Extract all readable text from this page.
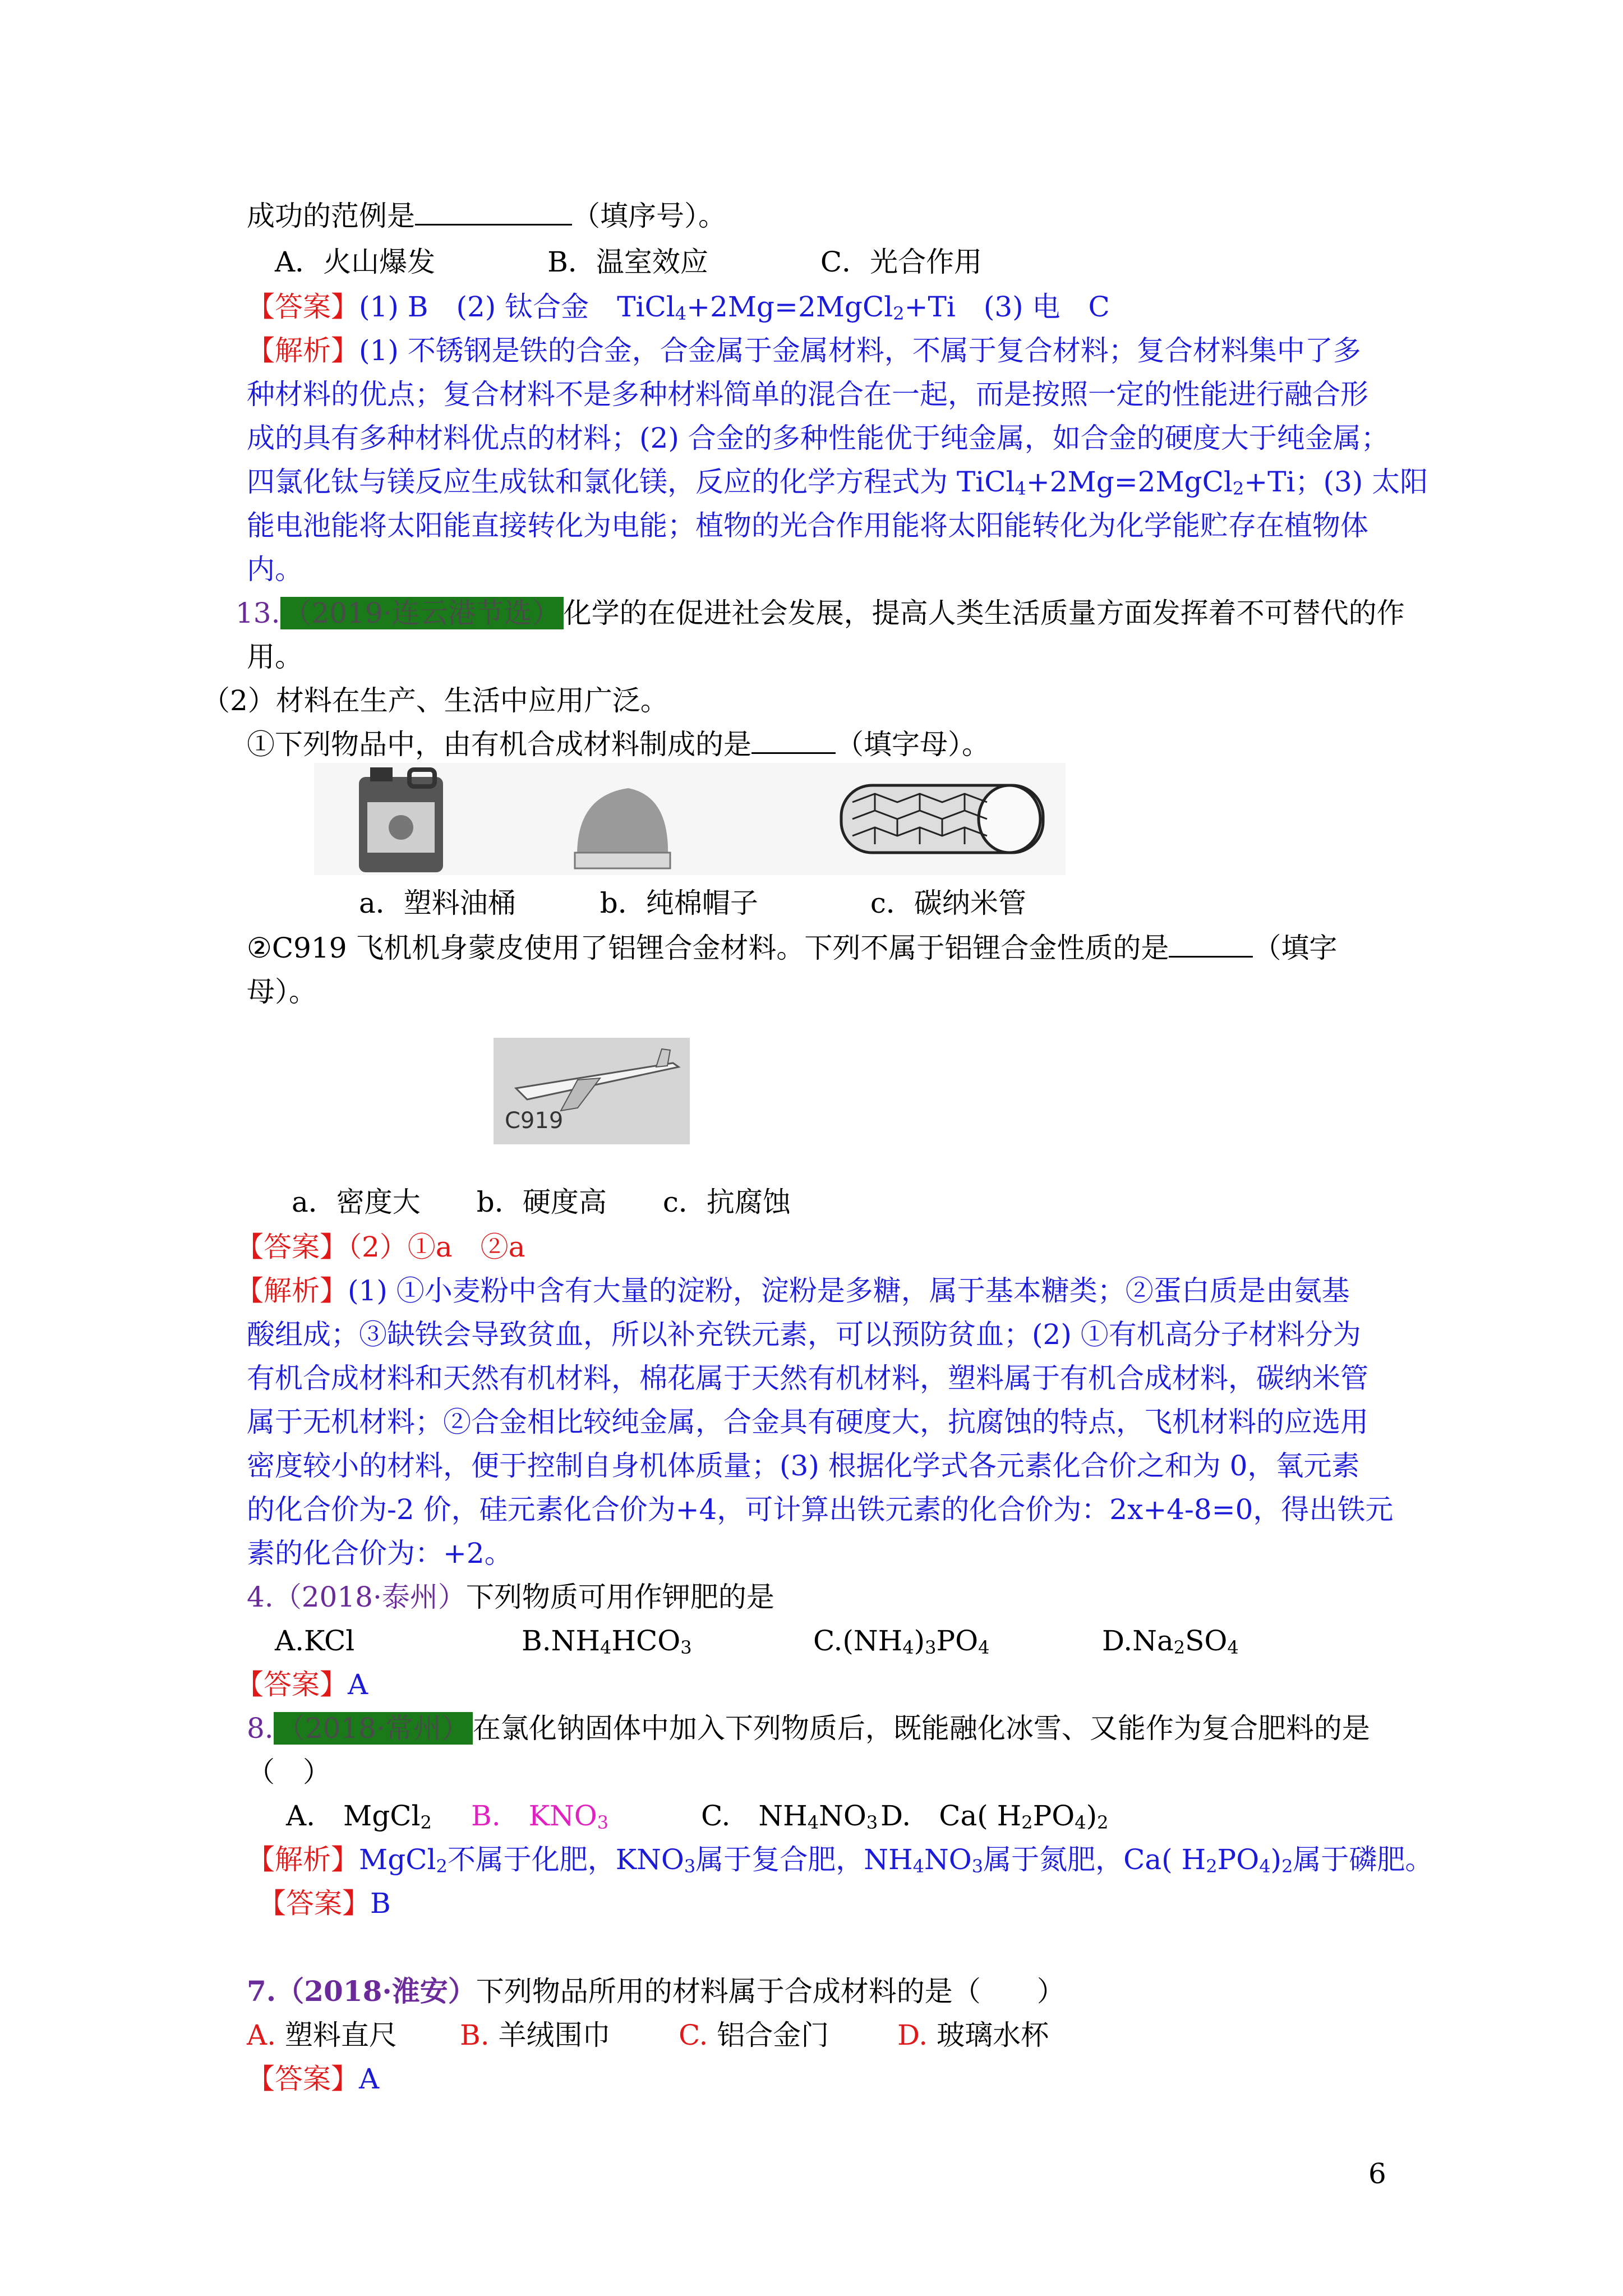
成功的范例是	（填序号）。
A．火山爆发　　　　B．温室效应　　　　C．光合作用
【答案】(1) B　(2) 钛合金　TiCl$_4$+2Mg=2MgCl$_2$+Ti　(3) 电　C
【解析】(1) 不锈钢是铁的合金，合金属于金属材料，不属于复合材料；复合材料集中了多
种材料的优点；复合材料不是多种材料简单的混合在一起，而是按照一定的性能进行融合形
成的具有多种材料优点的材料；(2) 合金的多种性能优于纯金属，如合金的硬度大于纯金属；
四氯化钛与镁反应生成钛和氯化镁，反应的化学方程式为 TiCl$_4$+2Mg=2MgCl$_2$+Ti；(3) 太阳
能电池能将太阳能直接转化为电能；植物的光合作用能将太阳能转化为化学能贮存在植物体
内。
13. （2019·连云港节选） 化学的在促进社会发展，提高人类生活质量方面发挥着不可替代的作
用。
（2）材料在生产、生活中应用广泛。
①下列物品中，由有机合成材料制成的是	（填字母）。
a．塑料油桶　　　b．纯棉帽子　　　　c．碳纳米管
②C919 飞机机身蒙皮使用了铝锂合金材料。下列不属于铝锂合金性质的是	（填字
母）。
C919
a．密度大　　b．硬度高　　c．抗腐蚀
【答案】（2）①a　②a
【解析】(1) ①小麦粉中含有大量的淀粉，淀粉是多糖，属于基本糖类；②蛋白质是由氨基
酸组成；③缺铁会导致贫血，所以补充铁元素，可以预防贫血；(2) ①有机高分子材料分为
有机合成材料和天然有机材料，棉花属于天然有机材料，塑料属于有机合成材料，碳纳米管
属于无机材料；②合金相比较纯金属，合金具有硬度大，抗腐蚀的特点，飞机材料的应选用
密度较小的材料，便于控制自身机体质量；(3) 根据化学式各元素化合价之和为 0，氧元素
的化合价为-2 价，硅元素化合价为+4，可计算出铁元素的化合价为：2x+4-8=0，得出铁元
素的化合价为：+2。
4.（2018·泰州）下列物质可用作钾肥的是
A.KCl	$B.NH_4HCO_3$	$C.(NH_4)_3PO_4$	$D.Na_2SO_4$
【答案】A
8. （2018·常州） 在氯化钠固体中加入下列物质后，既能融化冰雪、又能作为复合肥料的是
（　）
A.　MgCl$_2$ B.　$KNO_3$	C.　$NH_4NO_3$ D.　Ca( $H_2PO_4)_2$
【解析】MgCl$_2$不属于化肥，$KNO_3$属于复合肥，$NH_4NO_3$属于氮肥，Ca( $H_2PO_4)_2$属于磷肥。
【答案】B
7.（2018·淮安）下列物品所用的材料属于合成材料的是（　　）
A. 塑料直尺 B. 羊绒围巾 C. 铝合金门 D. 玻璃水杯
【答案】A
6
